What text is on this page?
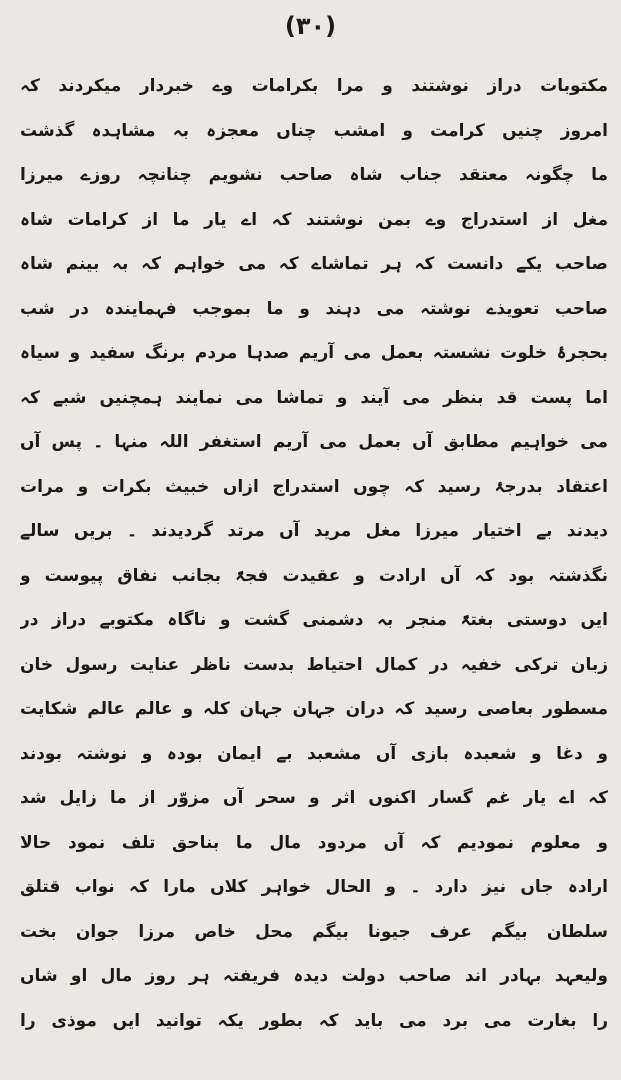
(۳۰)
مکتوبات دراز نوشتند و مرا بکرامات وے خبردار میکردند کہ
امروز چنیں کرامت و امشب چناں معجزہ بہ مشاہدہ گذشت
ما چگونہ معتقد جناب شاہ صاحب نشویم چنانچہ روزے میرزا
مغل از استدراج وے بمن نوشتند کہ اے یار ما از کرامات شاہ
صاحب یکے دانست کہ ہر تماشاے کہ می خواہم کہ بہ بینم شاہ
صاحب تعویذے نوشتہ می دہند و ما بموجب فہمایندہ در شب
بحجرۂ خلوت نشستہ بعمل می آریم صدہا مردم برنگ سفید و سیاہ
اما پست قد بنظر می آیند و تماشا می نمایند ہمچنیں شبے کہ
می خواہیم مطابق آں بعمل می آریم استغفر اللہ منہا ۔ پس آں
اعتقاد بدرجۂ رسید کہ چوں استدراج ازاں خبیث بکرات و مرات
دیدند بے اختیار میرزا مغل مرید آں مرتد گردیدند ۔ بریں سالے
نگذشتہ بود کہ آں ارادت و عقیدت فجۃً بجانب نفاق پیوست و
ایں دوستی بغتۃً منجر بہ دشمنی گشت و ناگاہ مکتوبے دراز در
زبان ترکی خفیہ در کمال احتیاط بدست ناظر عنایت رسول خان
مسطور بعاصی رسید کہ دران جہان جہان کلہ و عالم عالم شکایت
و دغا و شعبدہ بازی آں مشعبد بے ایمان بودہ و نوشتہ بودند
کہ اے یار غم گسار اکنوں اثر و سحر آں مزوّر از ما زایل شد
و معلوم نمودیم کہ آں مردود مال ما بناحق تلف نمود حالا
ارادہ جاں نیز دارد ۔ و الحال خواہر کلاں مارا کہ نواب قتلق
سلطان بیگم عرف جیونا بیگم محل خاص مرزا جوان بخت
ولیعہد بہادر اند صاحب دولت دیدہ فریفتہ ہر روز مال او شاں
را بغارت می برد می باید کہ بطور یکہ توانید ایں موذی را
